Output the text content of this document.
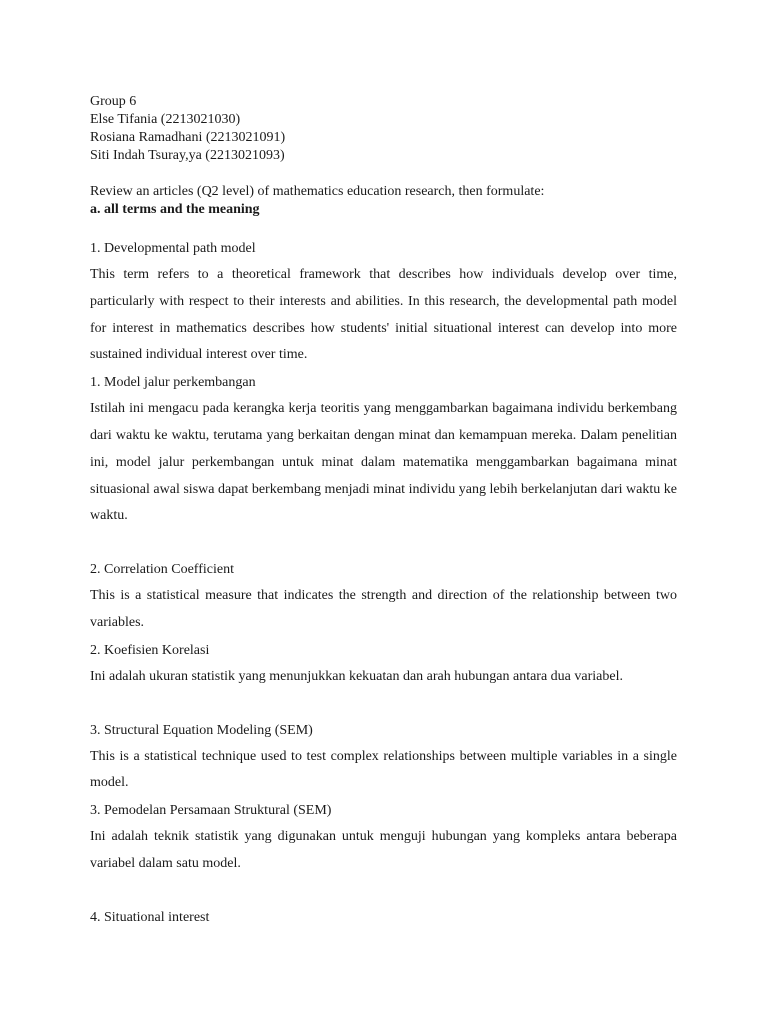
Group 6

Else Tifania (2213021030)

Rosiana Ramadhani (2213021091)

Siti Indah Tsuray,ya (2213021093)

Review an articles (Q2 level) of mathematics education research, then formulate:

a. all terms and the meaning

1. Developmental path model

This term refers to a theoretical framework that describes how individuals develop over time, particularly with respect to their interests and abilities. In this research, the developmental path model for interest in mathematics describes how students' initial situational interest can develop into more sustained individual interest over time.

1. Model jalur perkembangan

Istilah ini mengacu pada kerangka kerja teoritis yang menggambarkan bagaimana individu berkembang dari waktu ke waktu, terutama yang berkaitan dengan minat dan kemampuan mereka. Dalam penelitian ini, model jalur perkembangan untuk minat dalam matematika menggambarkan bagaimana minat situasional awal siswa dapat berkembang menjadi minat individu yang lebih berkelanjutan dari waktu ke waktu.

2. Correlation Coefficient

This is a statistical measure that indicates the strength and direction of the relationship between two variables.

2. Koefisien Korelasi

Ini adalah ukuran statistik yang menunjukkan kekuatan dan arah hubungan antara dua variabel.

3. Structural Equation Modeling (SEM)

This is a statistical technique used to test complex relationships between multiple variables in a single model.

3. Pemodelan Persamaan Struktural (SEM)

Ini adalah teknik statistik yang digunakan untuk menguji hubungan yang kompleks antara beberapa variabel dalam satu model.

4. Situational interest
